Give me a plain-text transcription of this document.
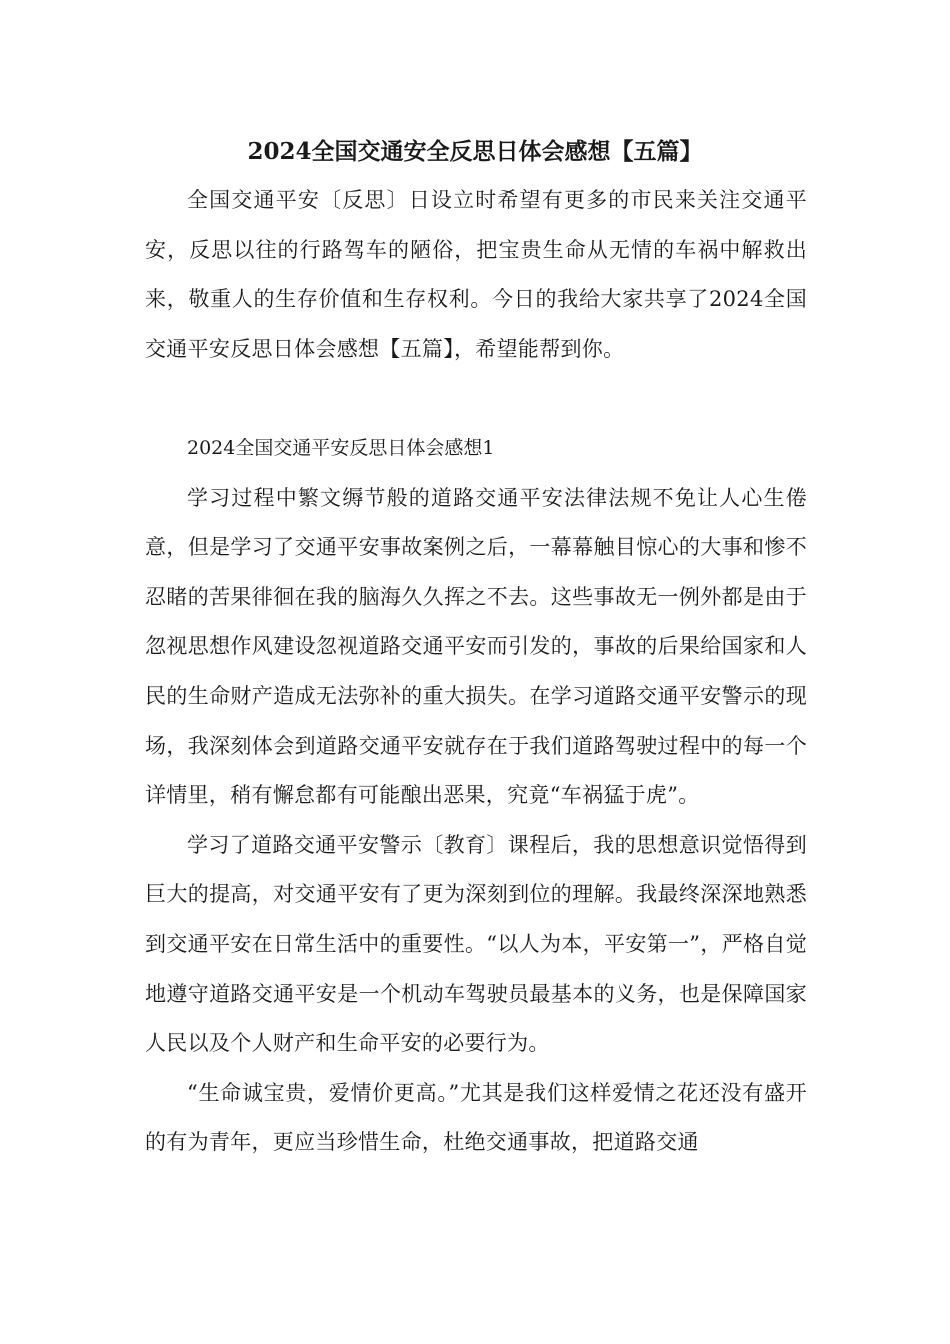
2024全国交通安全反思日体会感想【五篇】

全国交通平安〔反思〕日设立时希望有更多的市民来关注交通平安，反思以往的行路驾车的陋俗，把宝贵生命从无情的车祸中解救出来，敬重人的生存价值和生存权利。今日的我给大家共享了2024全国交通平安反思日体会感想【五篇】，希望能帮到你。

2024全国交通平安反思日体会感想1

学习过程中繁文缛节般的道路交通平安法律法规不免让人心生倦意，但是学习了交通平安事故案例之后，一幕幕触目惊心的大事和惨不忍睹的苦果徘徊在我的脑海久久挥之不去。这些事故无一例外都是由于忽视思想作风建设忽视道路交通平安而引发的，事故的后果给国家和人民的生命财产造成无法弥补的重大损失。在学习道路交通平安警示的现场，我深刻体会到道路交通平安就存在于我们道路驾驶过程中的每一个详情里，稍有懈怠都有可能酿出恶果，究竟“车祸猛于虎”。

学习了道路交通平安警示〔教育〕课程后，我的思想意识觉悟得到巨大的提高，对交通平安有了更为深刻到位的理解。我最终深深地熟悉到交通平安在日常生活中的重要性。“以人为本，平安第一”，严格自觉地遵守道路交通平安是一个机动车驾驶员最基本的义务，也是保障国家人民以及个人财产和生命平安的必要行为。

“生命诚宝贵，爱情价更高。”尤其是我们这样爱情之花还没有盛开的有为青年，更应当珍惜生命，杜绝交通事故，把道路交通
